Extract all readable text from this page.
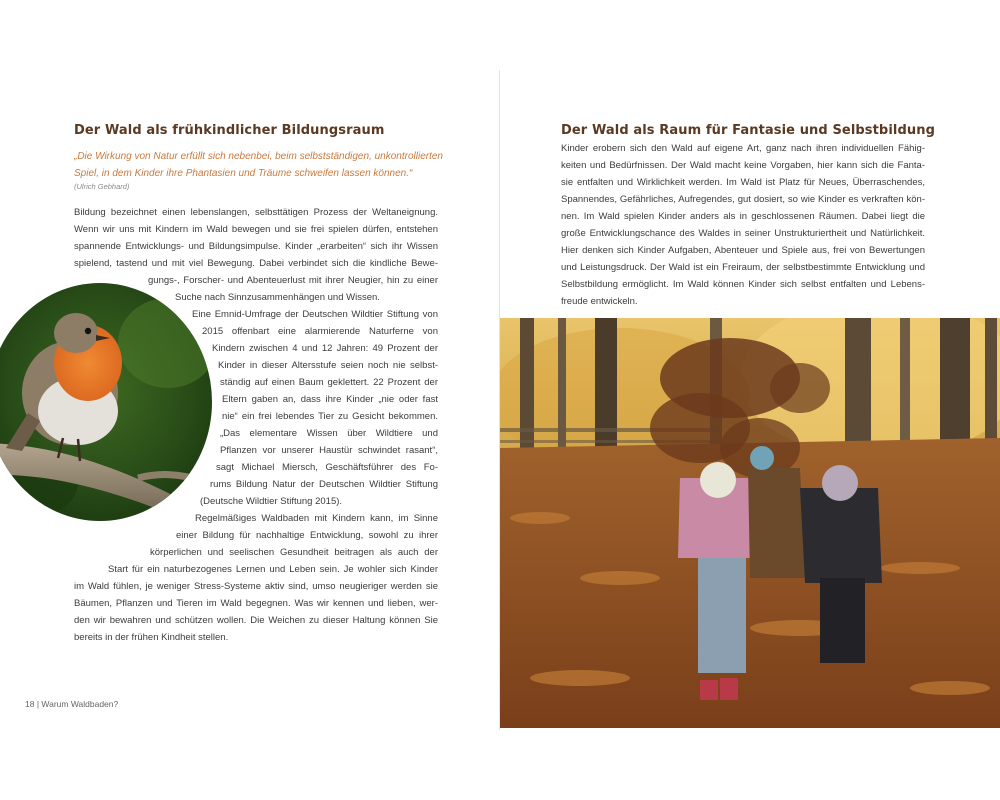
Der Wald als frühkindlicher Bildungsraum

„Die Wirkung von Natur erfüllt sich nebenbei, beim selbstständigen, unkontrollierten
Spiel, in dem Kinder ihre Phantasien und Träume schweifen lassen können.“

(Ulrich Gebhard)

Bildung bezeichnet einen lebenslangen, selbsttätigen Prozess der Weltaneignung.

Wenn wir uns mit Kindern im Wald bewegen und sie frei spielen dürfen, entstehen

spannende Entwicklungs- und Bildungsimpulse. Kinder „erarbeiten“ sich ihr Wissen

spielend, tastend und mit viel Bewegung. Dabei verbindet sich die kindliche Bewe-

gungs-, Forscher- und Abenteuerlust mit ihrer Neugier, hin zu einer

Suche nach Sinnzusammenhängen und Wissen.

Eine Emnid-Umfrage der Deutschen Wildtier Stiftung von

2015 offenbart eine alarmierende Naturferne von

Kindern zwischen 4 und 12 Jahren: 49 Prozent der

Kinder in dieser Altersstufe seien noch nie selbst-

ständig auf einen Baum geklettert. 22 Prozent der

Eltern gaben an, dass ihre Kinder „nie oder fast

nie“ ein frei lebendes Tier zu Gesicht bekommen.

„Das elementare Wissen über Wildtiere und

Pflanzen vor unserer Haustür schwindet rasant“,

sagt Michael Miersch, Geschäftsführer des Fo-

rums Bildung Natur der Deutschen Wildtier Stiftung

(Deutsche Wildtier Stiftung 2015).

Regelmäßiges Waldbaden mit Kindern kann, im Sinne

einer Bildung für nachhaltige Entwicklung, sowohl zu ihrer

körperlichen und seelischen Gesundheit beitragen als auch der

Start für ein naturbezogenes Lernen und Leben sein. Je wohler sich Kinder

im Wald fühlen, je weniger Stress-Systeme aktiv sind, umso neugieriger werden sie

Bäumen, Pflanzen und Tieren im Wald begegnen. Was wir kennen und lieben, wer-

den wir bewahren und schützen wollen. Die Weichen zu dieser Haltung können Sie

bereits in der frühen Kindheit stellen.

18 | Warum Waldbaden?

Der Wald als Raum für Fantasie und Selbstbildung

Kinder erobern sich den Wald auf eigene Art, ganz nach ihren individuellen Fähig-

keiten und Bedürfnissen. Der Wald macht keine Vorgaben, hier kann sich die Fanta-

sie entfalten und Wirklichkeit werden. Im Wald ist Platz für Neues, Überraschendes,

Spannendes, Gefährliches, Aufregendes, gut dosiert, so wie Kinder es verkraften kön-

nen. Im Wald spielen Kinder anders als in geschlossenen Räumen. Dabei liegt die

große Entwicklungschance des Waldes in seiner Unstrukturiertheit und Natürlichkeit.

Hier denken sich Kinder Aufgaben, Abenteuer und Spiele aus, frei von Bewertungen

und Leistungsdruck. Der Wald ist ein Freiraum, der selbstbestimmte Entwicklung und

Selbstbildung ermöglicht. Im Wald können Kinder sich selbst entfalten und Lebens-

freude entwickeln.
